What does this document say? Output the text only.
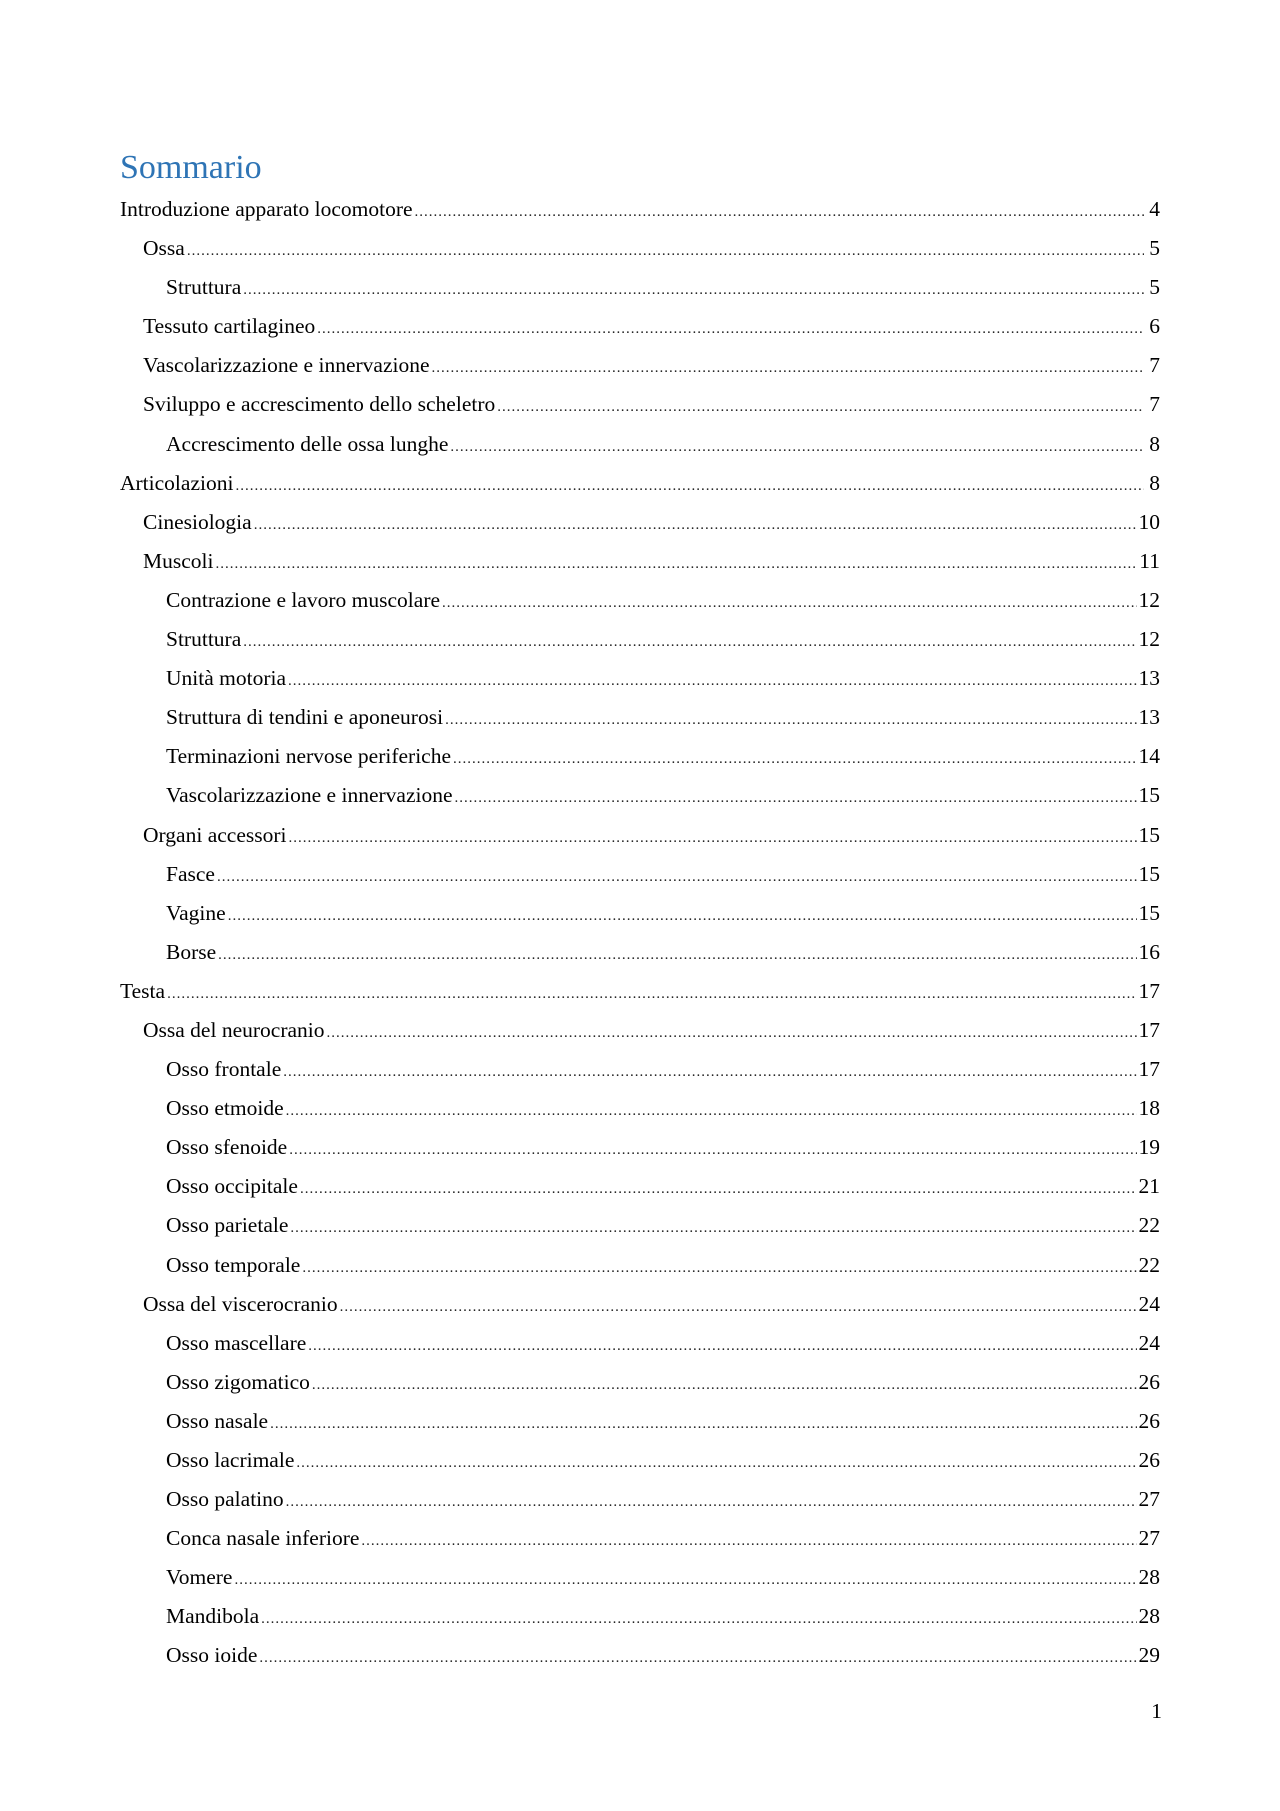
Sommario
Introduzione apparato locomotore .....	4
Ossa .....	5
Struttura .....	5
Tessuto cartilagineo .....	6
Vascolarizzazione e innervazione .....	7
Sviluppo e accrescimento dello scheletro .....	7
Accrescimento delle ossa lunghe .....	8
Articolazioni .....	8
Cinesiologia .....	10
Muscoli .....	11
Contrazione e lavoro muscolare .....	12
Struttura .....	12
Unità motoria .....	13
Struttura di tendini e aponeurosi .....	13
Terminazioni nervose periferiche .....	14
Vascolarizzazione e innervazione .....	15
Organi accessori .....	15
Fasce .....	15
Vagine .....	15
Borse .....	16
Testa .....	17
Ossa del neurocranio .....	17
Osso frontale .....	17
Osso etmoide .....	18
Osso sfenoide .....	19
Osso occipitale .....	21
Osso parietale .....	22
Osso temporale .....	22
Ossa del viscerocranio .....	24
Osso mascellare .....	24
Osso zigomatico .....	26
Osso nasale .....	26
Osso lacrimale .....	26
Osso palatino .....	27
Conca nasale inferiore .....	27
Vomere .....	28
Mandibola .....	28
Osso ioide .....	29
1
